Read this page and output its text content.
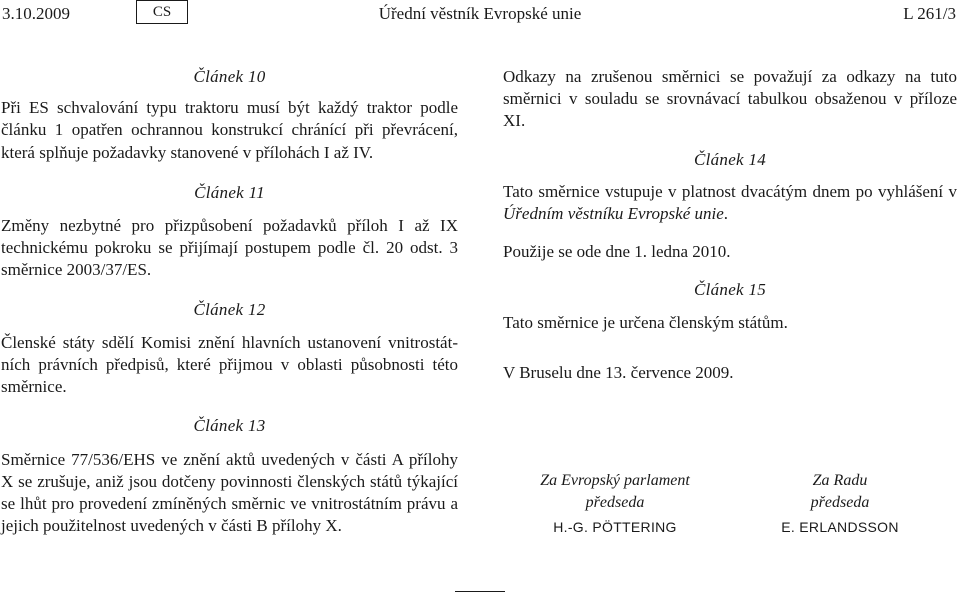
3.10.2009	CS	Úřední věstník Evropské unie	L 261/3

Článek 10

Při ES schvalování typu traktoru musí být každý traktor podle článku 1 opatřen ochrannou konstrukcí chránící při převrácení, která splňuje požadavky stanovené v přílohách I až IV.

Článek 11

Změny nezbytné pro přizpůsobení požadavků příloh I až IX technickému pokroku se přijímají postupem podle čl. 20 odst. 3 směrnice 2003/37/ES.

Článek 12

Členské státy sdělí Komisi znění hlavních ustanovení vnitrostátních právních předpisů, které přijmou v oblasti působnosti této směrnice.

Článek 13

Směrnice 77/536/EHS ve znění aktů uvedených v části A přílohy X se zrušuje, aniž jsou dotčeny povinnosti členských států týkající se lhůt pro provedení zmíněných směrnic ve vnitrostátním právu a jejich použitelnost uvedených v části B přílohy X.

Odkazy na zrušenou směrnici se považují za odkazy na tuto směrnici v souladu se srovnávací tabulkou obsaženou v příloze XI.

Článek 14

Tato směrnice vstupuje v platnost dvacátým dnem po vyhlášení v Úředním věstníku Evropské unie.

Použije se ode dne 1. ledna 2010.

Článek 15

Tato směrnice je určena členským státům.

V Bruselu dne 13. července 2009.

Za Evropský parlament
předseda
H.-G. PÖTTERING
Za Radu
předseda
E. ERLANDSSON
